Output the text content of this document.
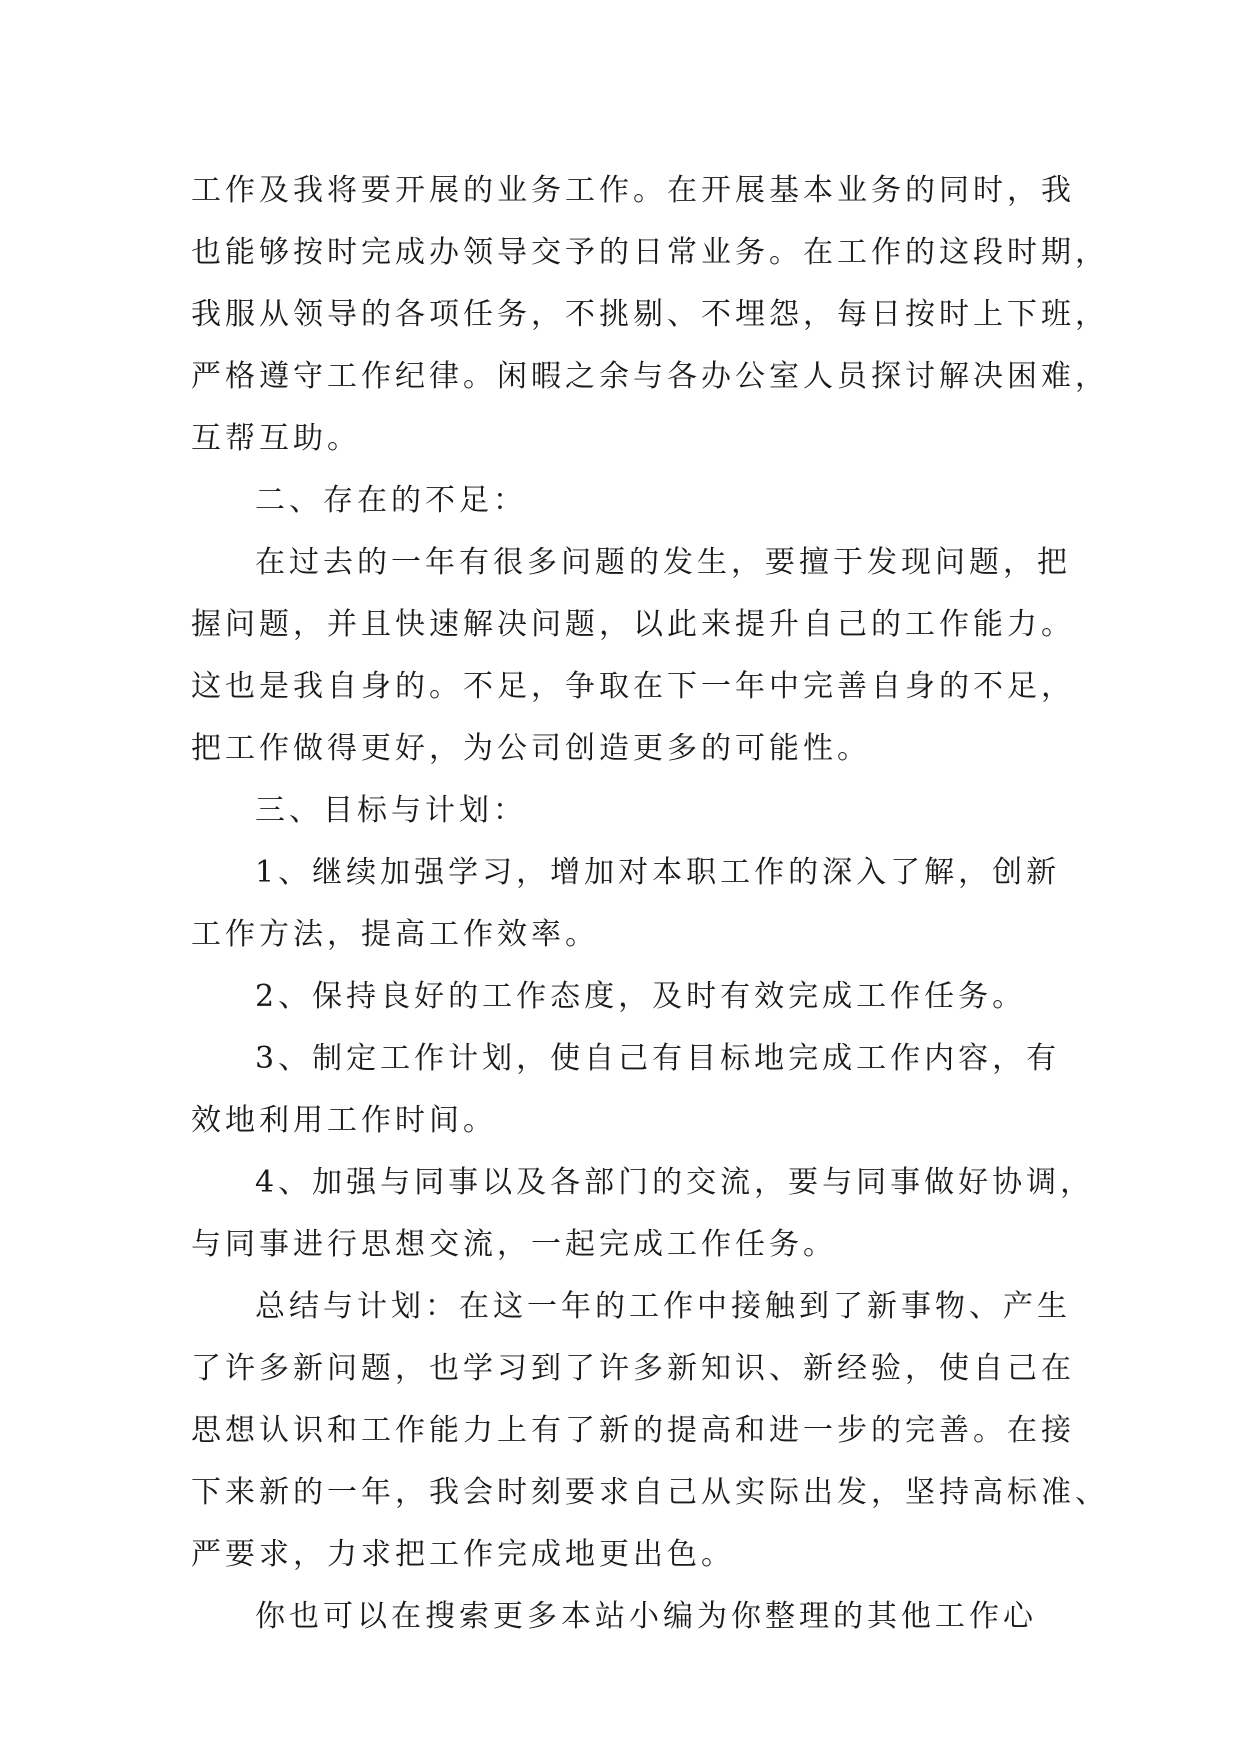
工作及我将要开展的业务工作。在开展基本业务的同时，我
也能够按时完成办领导交予的日常业务。在工作的这段时期，
我服从领导的各项任务，不挑剔、不埋怨，每日按时上下班，
严格遵守工作纪律。闲暇之余与各办公室人员探讨解决困难，
互帮互助。
二、存在的不足：
在过去的一年有很多问题的发生，要擅于发现问题，把
握问题，并且快速解决问题，以此来提升自己的工作能力。
这也是我自身的。不足，争取在下一年中完善自身的不足，
把工作做得更好，为公司创造更多的可能性。
三、目标与计划：
1、继续加强学习，增加对本职工作的深入了解，创新
工作方法，提高工作效率。
2、保持良好的工作态度，及时有效完成工作任务。
3、制定工作计划，使自己有目标地完成工作内容，有
效地利用工作时间。
4、加强与同事以及各部门的交流，要与同事做好协调，
与同事进行思想交流，一起完成工作任务。
总结与计划：在这一年的工作中接触到了新事物、产生
了许多新问题，也学习到了许多新知识、新经验，使自己在
思想认识和工作能力上有了新的提高和进一步的完善。在接
下来新的一年，我会时刻要求自己从实际出发，坚持高标准、
严要求，力求把工作完成地更出色。
你也可以在搜索更多本站小编为你整理的其他工作心
